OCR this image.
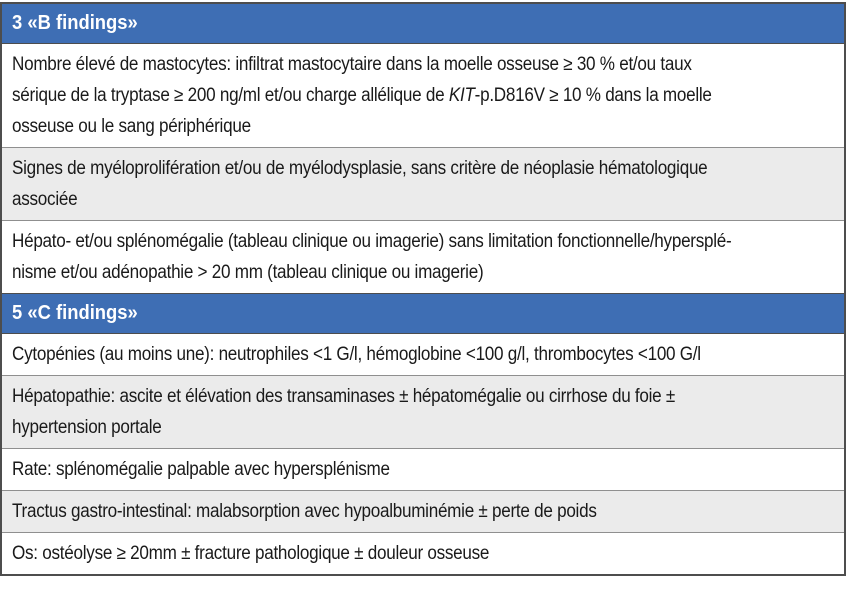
3 «B findings»
Nombre élevé de mastocytes: infiltrat mastocytaire dans la moelle osseuse ≥ 30 % et/ou taux
sérique de la tryptase ≥ 200 ng/ml et/ou charge allélique de KIT-p.D816V ≥ 10 % dans la moelle
osseuse ou le sang périphérique
Signes de myéloprolifération et/ou de myélodysplasie, sans critère de néoplasie hématologique
associée
Hépato- et/ou splénomégalie (tableau clinique ou imagerie) sans limitation fonctionnelle/hypersplé-
nisme et/ou adénopathie > 20 mm (tableau clinique ou imagerie)
5 «C findings»
Cytopénies (au moins une): neutrophiles <1 G/l, hémoglobine <100 g/l, thrombocytes <100 G/l
Hépatopathie: ascite et élévation des transaminases ± hépatomégalie ou cirrhose du foie ±
hypertension portale
Rate: splénomégalie palpable avec hypersplénisme
Tractus gastro-intestinal: malabsorption avec hypoalbuminémie ± perte de poids
Os: ostéolyse ≥ 20mm ± fracture pathologique ± douleur osseuse
